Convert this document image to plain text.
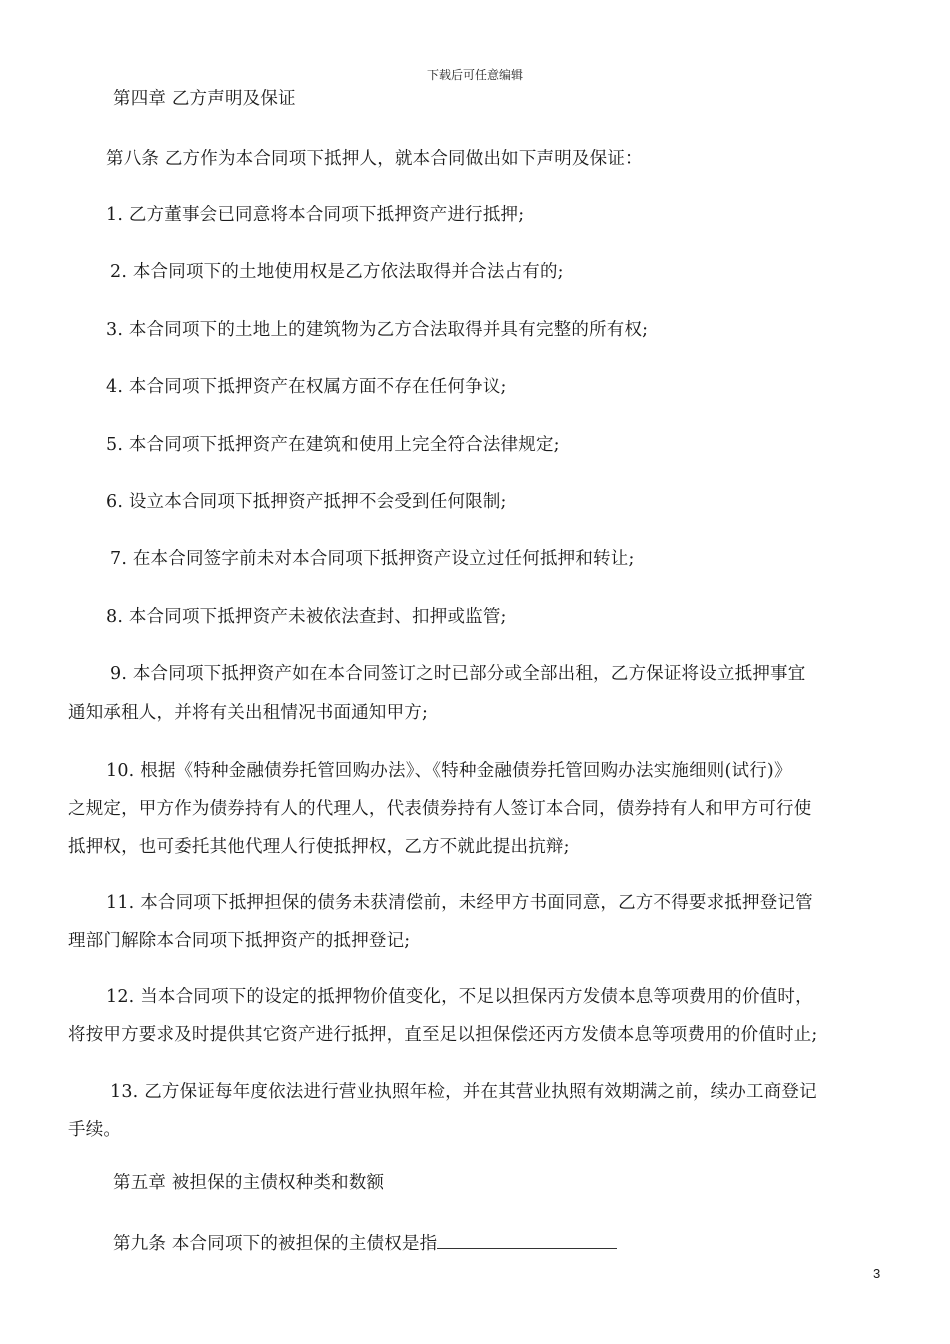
下载后可任意编辑
第四章 乙方声明及保证
第八条 乙方作为本合同项下抵押人，就本合同做出如下声明及保证：
1. 乙方董事会已同意将本合同项下抵押资产进行抵押;
2. 本合同项下的土地使用权是乙方依法取得并合法占有的;
3. 本合同项下的土地上的建筑物为乙方合法取得并具有完整的所有权;
4. 本合同项下抵押资产在权属方面不存在任何争议;
5. 本合同项下抵押资产在建筑和使用上完全符合法律规定;
6. 设立本合同项下抵押资产抵押不会受到任何限制;
7. 在本合同签字前未对本合同项下抵押资产设立过任何抵押和转让;
8. 本合同项下抵押资产未被依法查封、扣押或监管;
9. 本合同项下抵押资产如在本合同签订之时已部分或全部出租，乙方保证将设立抵押事宜
通知承租人，并将有关出租情况书面通知甲方;
10. 根据《特种金融债券托管回购办法》、《特种金融债券托管回购办法实施细则(试行)》
之规定，甲方作为债券持有人的代理人，代表债券持有人签订本合同，债券持有人和甲方可行使
抵押权，也可委托其他代理人行使抵押权，乙方不就此提出抗辩;
11. 本合同项下抵押担保的债务未获清偿前，未经甲方书面同意，乙方不得要求抵押登记管
理部门解除本合同项下抵押资产的抵押登记;
12. 当本合同项下的设定的抵押物价值变化，不足以担保丙方发债本息等项费用的价值时，
将按甲方要求及时提供其它资产进行抵押，直至足以担保偿还丙方发债本息等项费用的价值时止;
13. 乙方保证每年度依法进行营业执照年检，并在其营业执照有效期满之前，续办工商登记
手续。
第五章 被担保的主债权种类和数额
第九条 本合同项下的被担保的主债权是指
3
